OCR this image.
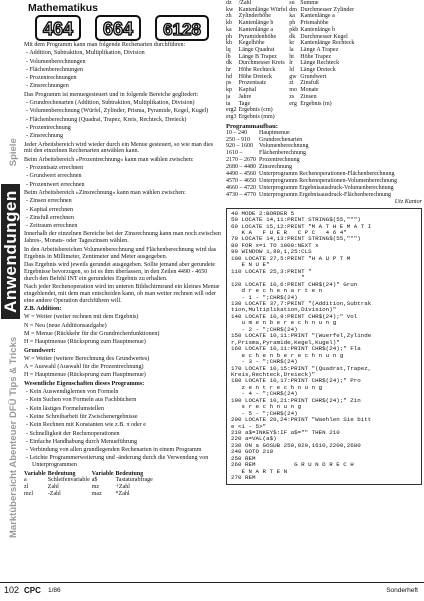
Marktübersicht Abenteuer DFÜ Tips & TricksAnwendungenSpiele
Mathematikus
464 664 6128
Mit dem Programm kann man folgende Rechenarten durchführen:
- Addition, Subtraktion, Multiplikation, Division
- Volumenberechnungen
- Flächenberechnungen
- Prozentrechnungen
- Zinsrechnungen
Das Programm ist menuegesteuert und in folgende Bereiche gegliedert:
- Grundrechenarten (Addition, Subtraktion, Multiplikation, Division)
- Volumenberechnung (Würfel, Zylinder, Prisma, Pyramide, Kegel, Kugel)
- Flächenberechnung (Quadrat, Trapez, Kreis, Rechteck, Dreieck)
- Prozentrechnung
- Zinsrechnung
Jeder Arbeitsbereich wird wieder durch ein Menue gesteuert, so wie man dies mit den einzelnen Rechenarten anwählen kann.
Beim Arbeitsbereich »Prozentrechnung« kann man wählen zwischen:
- Prozentsatz errechnen
- Grundwert errechnen
- Prozentwert errechnen
Beim Arbeitsbereich »Zinsrechnung« kann man wählen zwischen:
- Zinsen errechnen
- Kapital errechnen
- Zinsfuß errechnen
- Zeitraum errechnen
Innerhalb der einzelnen Bereiche bei der Zinsrechnung kann man noch zwischen Jahres-, Monats- oder Tageszinsen wählen.
In den Arbeitsbereichen Volumenberechnung und Flächenberechnung wird das Ergebnis in Millimeter, Zentimeter und Meter ausgegeben.
Das Ergebnis wird jeweils gerundet ausgegeben. Sollte jemand aber gerundete Ergebnisse bevorzugen, so ist es ihm überlassen, in den Zeilen 4490 - 4650 durch den Befehl INT ein gerundetes Ergebnis zu erhalten.
Nach jeder Rechenoperation wird im unteren Bildschirmrand ein kleines Menue eingeblendet, mit dem man entscheiden kann, ob man weiter rechnen will oder eine andere Operation durchführen will.
Z.B. Addition:
W = Weiter (weiter rechnen mit dem Ergebnis)
N = Neu (neue Additionsaufgabe)
M = Menue (Rückkehr für die Grundrechenfunktionen)
H = Hauptmenue (Rücksprung zum Hauptmenue)
Grundwert:
W = Weiter (weitere Berechnung des Grundwertes)
A = Auswahl (Auswahl für die Prozentrechnung)
H = Hauptmenue (Rücksprung zum Hauptmenue)
Wesentliche Eigenschaften dieses Programms:
- Kein Auswendiglernen von Formeln
- Kein Suchen von Formeln aus Fachbüchern
- Kein lästiges Formelumstellen
- Keine Schreibarbeit für Zwischenergebnisse
- Kein Rechnen mit Konstanten wie z.B. π oder e
- Schnelligkeit der Rechenoperationen
- Einfache Handhabung durch Menueführung
- Verbindung von allen grundlegenden Rechenarten in einem Programm
- Leichte Programmerweiterung und -änderung durch die Verwendung von Unterprogrammen
Variable	Bedeutung	Variable	Bedeutung
a	Schleifenvariable	a$	Tastaturabfrage
zl	Zahl	mz	+Zahl
mzl	-Zahl	maz	*Zahl
dz	/Zahl	su	Summe
kw	Kantenlänge Würfel	dm	Durchmesser Zylinder
zh	Zylinderhöhe	ka	Kantenlänge a
kb	Kantenlänge b	ph	Prismahöhe
ka	Kantenlänge a	pkb	Kantenlänge b
ph	Pyramidenhöhe	dk	Durchmesser Kegel
kh	Kegelhöhe	kr	Kantenlänge Rechteck
lq	Länge Quadrat	la	Länge A Trapez
lb	Länge B Trapez	ht	Höhe Trapez
dk	Durchmesser Kreis	lr	Länge Rechteck
hr	Höhe Rechteck	ld	Länge Dreieck
hd	Höhe Dreieck	gw	Grundwert
ps	Prozentsatz	zi	Zinsfuß
kp	Kapital	mo	Monate
ja	Jahre	zs	Zinsen
ta	Tage	erg	Ergebnis (m)
erg2	Ergebnis (cm)		
erg3	Ergebnis (mm)		
Programmaufbau:
10 – 240	Hauptmenue
250 – 910	Grundrechenarten
920 – 1600	Volumenberechnung
1610 –	Flächenberechnung
2170 – 2670	Prozentrechnung
2680 – 4480	Zinsrechnung
4490 – 4560	Unterprogramm Rechenoperationen-Flächenberechnung
4570 – 4650	Unterprogramm Rechenoperationen-Volumenberechnung
4660 – 4720	Unterprogramm Ergebnisausdruck-Volumenberechnung
4730 – 4770	Unterprogramm Ergebnisausdruck-Flächenberechnung
Utz Kantor
40 MODE 2:BORDER 5
50 LOCATE 14,11:PRINT STRING$(55,"*")
60 LOCATE 15,12:PRINT "M A T H E M A T I
K A   F U E R   C P C   4 6 4"
70 LOCATE 14,13:PRINT STRING$(55,"*")
80 FOR x=1 TO 1000:NEXT x
90 WINDOW 1,80,1,25:CLS
100 LOCATE 27,5:PRINT "H A U P T M
E N U E"
110 LOCATE 25,3:PRINT "
"
120 LOCATE 10,6:PRINT CHR$(24)" Grun
d r e c h e n a r t e n
- 1 - ";CHR$(24)
130 LOCATE 37,7:PRINT "(Addition,Subtrak
tion,Multiplikation,Division)"
140 LOCATE 10,9:PRINT CHR$(24);" Vol
u m e n b e r e c h n u n g
- 2 - ";CHR$(24)
150 LOCATE 10,11:PRINT "(Wuerfel,Zylinde
r,Prisma,Pyramide,Kegel,Kugel)"
160 LOCATE 10,11:PRINT CHR$(24);" Fla
e c h e n b e r e c h n u n g
- 3 - ";CHR$(24)
170 LOCATE 10,15:PRINT "(Quadrat,Trapez,
Kreis,Rechteck,Dreieck)"
180 LOCATE 10,17:PRINT CHR$(24);" Pro
z e n t r e c h n u n g
- 4 - ";CHR$(24)
190 LOCATE 10,21:PRINT CHR$(24);" Zin
s r e c h n u n g
- 5 - ";CHR$(24)
200 LOCATE 20,24:PRINT "Waehlen Sie bitt
e <1 - 5>"
210 a$=INKEY$:IF a$="" THEN 210
220 a=VAL(a$)
230 ON a GOSUB 250,920,1610,2200,2680
240 GOTO 210
250 REM
260 REM           G R U N D R E C H
E N A R T E N
270 REM
102 CPC 1/86	Sonderheft
